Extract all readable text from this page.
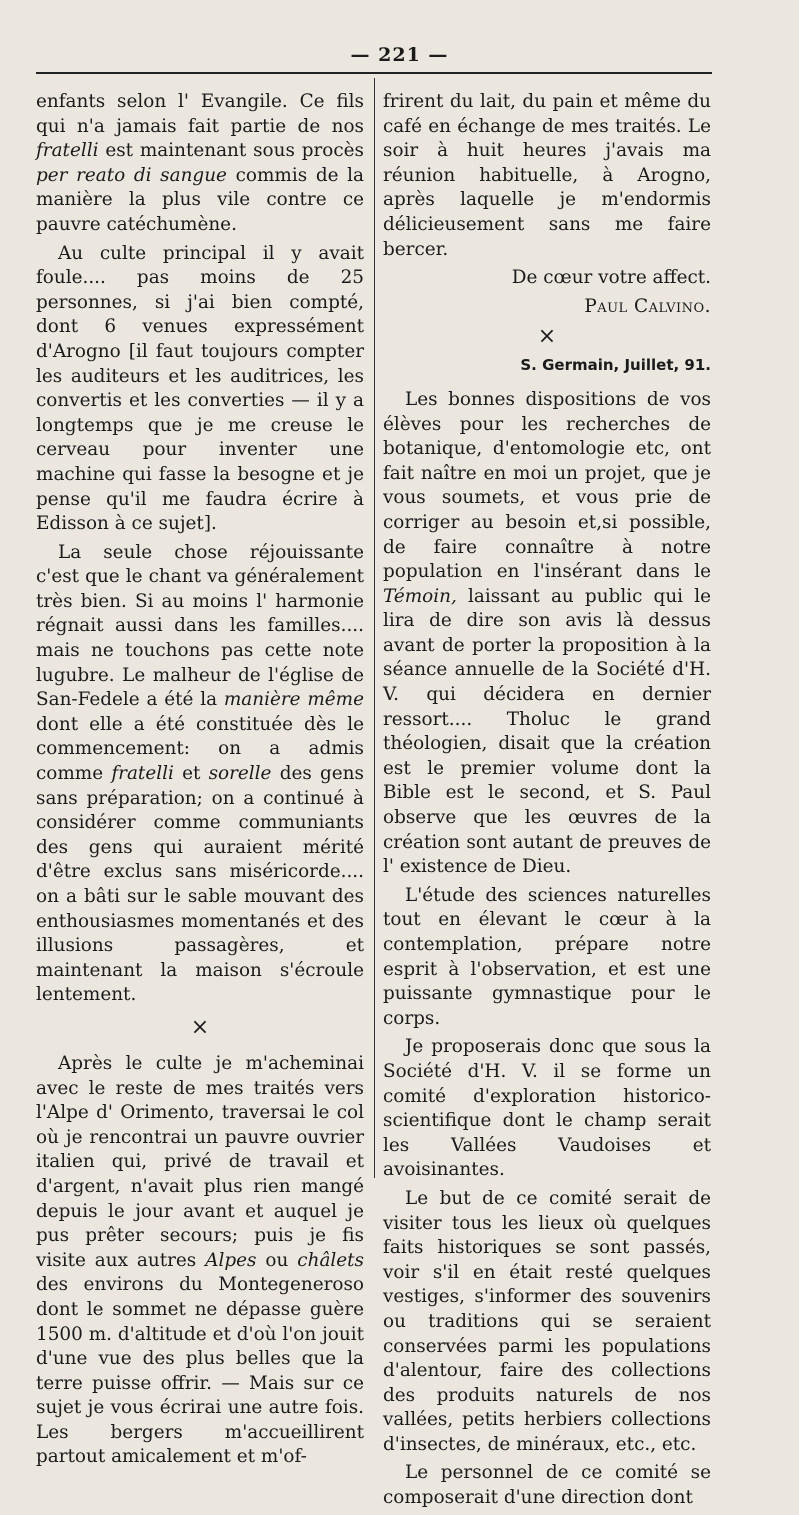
— 221 —

enfants selon l' Evangile. Ce fils qui n'a jamais fait partie de nos fratelli est maintenant sous procès per reato di sangue commis de la manière la plus vile contre ce pauvre catéchumène.

Au culte principal il y avait foule.... pas moins de 25 personnes, si j'ai bien compté, dont 6 venues expressément d'Arogno [il faut toujours compter les auditeurs et les auditrices, les convertis et les converties — il y a longtemps que je me creuse le cerveau pour inventer une machine qui fasse la besogne et je pense qu'il me faudra écrire à Edisson à ce sujet].

La seule chose réjouissante c'est que le chant va généralement très bien. Si au moins l' harmonie régnait aussi dans les familles.... mais ne touchons pas cette note lugubre. Le malheur de l'église de San-Fedele a été la manière même dont elle a été constituée dès le commencement: on a admis comme fratelli et sorelle des gens sans préparation; on a continué à considérer comme communiants des gens qui auraient mérité d'être exclus sans miséricorde.... on a bâti sur le sable mouvant des enthousiasmes momentanés et des illusions passagères, et maintenant la maison s'écroule lentement.

×

Après le culte je m'acheminai avec le reste de mes traités vers l'Alpe d' Orimento, traversai le col où je rencontrai un pauvre ouvrier italien qui, privé de travail et d'argent, n'avait plus rien mangé depuis le jour avant et auquel je pus prêter secours; puis je fis visite aux autres Alpes ou châlets des environs du Montegeneroso dont le sommet ne dépasse guère 1500 m. d'altitude et d'où l'on jouit d'une vue des plus belles que la terre puisse offrir. — Mais sur ce sujet je vous écrirai une autre fois. Les bergers m'accueillirent partout amicalement et m'of-

frirent du lait, du pain et même du café en échange de mes traités. Le soir à huit heures j'avais ma réunion habituelle, à Arogno, après laquelle je m'endormis délicieusement sans me faire bercer.

De cœur votre affect.

Paul Calvino.

×
S. Germain, Juillet, 91.

Les bonnes dispositions de vos élèves pour les recherches de botanique, d'entomologie etc, ont fait naître en moi un projet, que je vous soumets, et vous prie de corriger au besoin et,si possible, de faire connaître à notre population en l'insérant dans le Témoin, laissant au public qui le lira de dire son avis là dessus avant de porter la proposition à la séance annuelle de la Société d'H. V. qui décidera en dernier ressort.... Tholuc le grand théologien, disait que la création est le premier volume dont la Bible est le second, et S. Paul observe que les œuvres de la création sont autant de preuves de l' existence de Dieu.

L'étude des sciences naturelles tout en élevant le cœur à la contemplation, prépare notre esprit à l'observation, et est une puissante gymnastique pour le corps.

Je proposerais donc que sous la Société d'H. V. il se forme un comité d'exploration historico-scientifique dont le champ serait les Vallées Vaudoises et avoisinantes.

Le but de ce comité serait de visiter tous les lieux où quelques faits historiques se sont passés, voir s'il en était resté quelques vestiges, s'informer des souvenirs ou traditions qui se seraient conservées parmi les populations d'alentour, faire des collections des produits naturels de nos vallées, petits herbiers collections d'insectes, de minéraux, etc., etc.

Le personnel de ce comité se composerait d'une direction dont
